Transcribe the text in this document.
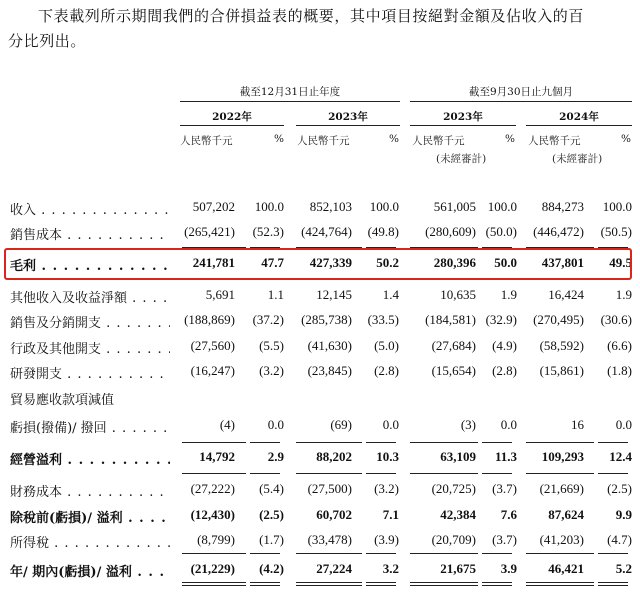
下表載列所示期間我們的合併損益表的概要，其中項目按絕對金額及佔收入的百
分比列出。
截至12月31日止年度	截至9月30日止九個月
2022年	2023年	2023年	2024年
人民幣千元	% 人民幣千元	% 人民幣千元	% 人民幣千元	%
(未經審計)	(未經審計)
收入 . . .	507,202 100.0 852,103 100.0	561,005 100.0 884,273 100.0
銷售成本 . . .	(265,421) (52.3) (424,764) (49.8) (280,609) (50.0) (446,472) (50.5)
毛利 . . .	241,781 47.7 427,339 50.2	280,396 50.0 437,801 49.5
其他收入及收益淨額 . . .	5,691	1.1 12,145 1.4	10,635 1.9 16,424 1.9
銷售及分銷開支 . . .	(188,869) (37.2) (285,738) (33.5) (184,581) (32.9) (270,495) (30.6)
行政及其他開支 . . .	(27,560) (5.5) (41,630) (5.0)	(27,684) (4.9) (58,592) (6.6)
研發開支 . . .	(16,247) (3.2) (23,845) (2.8)	(15,654) (2.8) (15,861) (1.8)
貿易應收款項減值
虧損(撥備)/ 撥回 . . .	(4)	0.0	(69) 0.0	(3) 0.0	16 0.0
經營溢利 . . .	14,792	2.9 88,202 10.3	63,109 11.3 109,293 12.4
財務成本 . . .	(27,222) (5.4) (27,500) (3.2)	(20,725) (3.7) (21,669) (2.5)
除稅前(虧損)/ 溢利 . . .	(12,430) (2.5) 60,702 7.1	42,384 7.6 87,624 9.9
所得稅 . . .	(8,799) (1.7) (33,478) (3.9)	(20,709) (3.7) (41,203) (4.7)
年/ 期內(虧損)/ 溢利 . . .	(21,229) (4.2) 27,224 3.2	21,675 3.9 46,421 5.2
